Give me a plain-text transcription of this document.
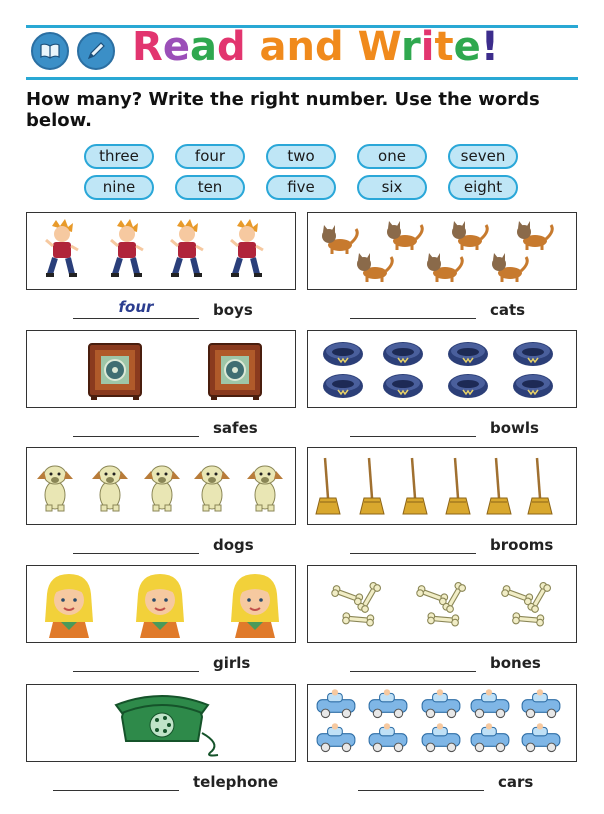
Read and Write!
How many? Write the right number. Use the words below.
three	four	two	one	seven
nine	ten	five	six	eight
four	boys	cats
safes	bowls
dogs	brooms
girls	bones
telephone	cars
